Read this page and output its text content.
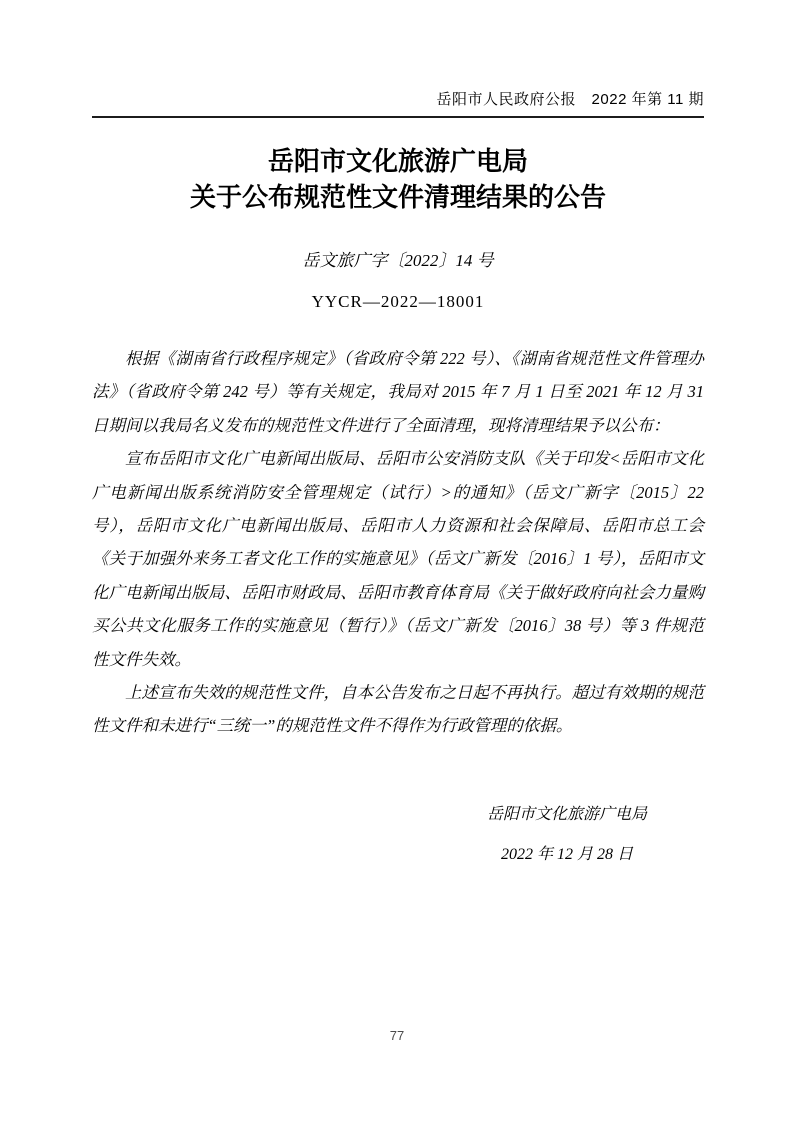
岳阳市人民政府公报　2022 年第 11 期
岳阳市文化旅游广电局
关于公布规范性文件清理结果的公告
岳文旅广字〔2022〕14 号
YYCR—2022—18001

根据《湖南省行政程序规定》（省政府令第 222 号）、《湖南省规范性文件管理办法》（省政府令第 242 号）等有关规定，我局对 2015 年 7 月 1 日至 2021 年 12 月 31 日期间以我局名义发布的规范性文件进行了全面清理，现将清理结果予以公布：

宣布岳阳市文化广电新闻出版局、岳阳市公安消防支队《关于印发<岳阳市文化广电新闻出版系统消防安全管理规定（试行）>的通知》（岳文广新字〔2015〕22 号），岳阳市文化广电新闻出版局、岳阳市人力资源和社会保障局、岳阳市总工会《关于加强外来务工者文化工作的实施意见》（岳文广新发〔2016〕1 号），岳阳市文化广电新闻出版局、岳阳市财政局、岳阳市教育体育局《关于做好政府向社会力量购买公共文化服务工作的实施意见（暂行）》（岳文广新发〔2016〕38 号）等 3 件规范性文件失效。

上述宣布失效的规范性文件，自本公告发布之日起不再执行。超过有效期的规范性文件和未进行“三统一”的规范性文件不得作为行政管理的依据。

岳阳市文化旅游广电局
2022 年 12 月 28 日
77
